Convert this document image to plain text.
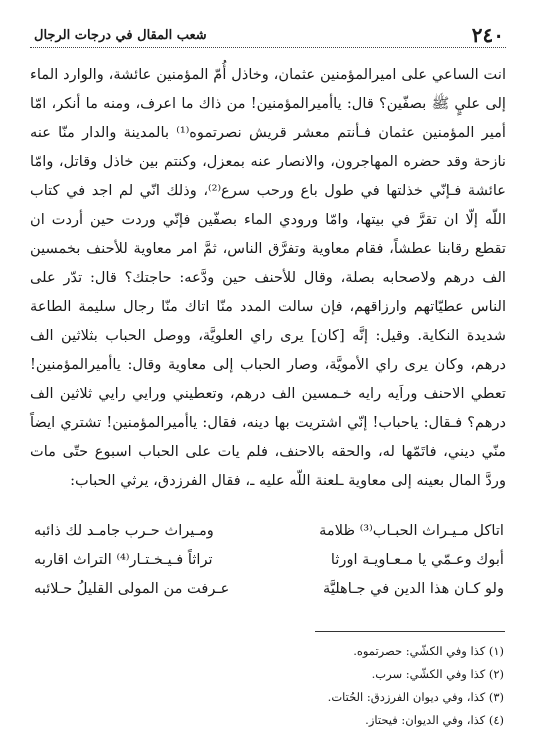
٢٤٠
شعب المقال في درجات الرجال

انت الساعي على اميرالمؤمنين عثمان، وخاذل أُمّ المؤمنين عائشة، والوارد الماء إلى عليٍ ﷺ بصفّين؟ قال: ياأميرالمؤمنين! من ذاك ما اعرف، ومنه ما أنكر، امّا أمير المؤمنين عثمان فـأنتم معشر قريش نصرتموه⁽¹⁾ بالمدينة والدار منّا عنه نازحة وقد حضره المهاجرون، والانصار عنه بمعزل، وكنتم بين خاذل وقاتل، وامّا عائشة فـإنّي خذلتها في طول باع ورحب سرع⁽²⁾، وذلك انّي لم اجد في كتاب اللّه إلّا ان تقرَّ في بيتها، وامّا ورودي الماء بصفّين فإنّي وردت حين أردت ان تقطع رقابنا عطشاً، فقام معاوية وتفرَّق الناس، ثمَّ امر معاوية للأحنف بخمسين الف درهم ولاصحابه بصلة، وقال للأحنف حين ودَّعه: حاجتك؟ قال: تدّر على الناس عطيّاتهم وارزاقهم، فإن سالت المدد منّا اتاك منّا رجال سليمة الطاعة شديدة النكاية. وقيل: إنَّه [كان] يرى راي العلويَّة، ووصل الحباب بثلاثين الف درهم، وكان يرى راي الأمويَّة، وصار الحباب إلى معاوية وقال: ياأميرالمؤمنين! تعطي الاحنف وراَيه رايه خـمسين الف درهم، وتعطيني ورايي رايي ثلاثين الف درهم؟ فـقال: ياحباب! إنّي اشتريت بها دينه، فقال: ياأميرالمؤمنين! تشتري ايضاً منّي ديني، فاتَمّها له، والحقه بالاحنف، فلم يات على الحباب اسبوع حتّى مات وردَّ المال بعينه إلى معاوية ـلعنة اللّه عليه ـ، فقال الفرزدق، يرثي الحباب:

اتاكل مـيـراث الحبـاب⁽³⁾ ظلامة
ومـيراث حـرب جامـد لك ذائبه
أبوك وعـمّي يا مـعـاويـة اورثا
تراثاً فـيـخـتـار⁽⁴⁾ التراث اقاربه
ولو كـان هذا الدين في جـاهليَّة
عـرفت من المولى القليلُ حـلائبه
(١) كذا وفي الكشّي: حصرتموه.
(٢) كذا وفي الكشّي: سرب.
(٣) كذا، وفي ديوان الفرزدق: الحُتات.
(٤) كذا، وفي الديوان: فيحتاز.
